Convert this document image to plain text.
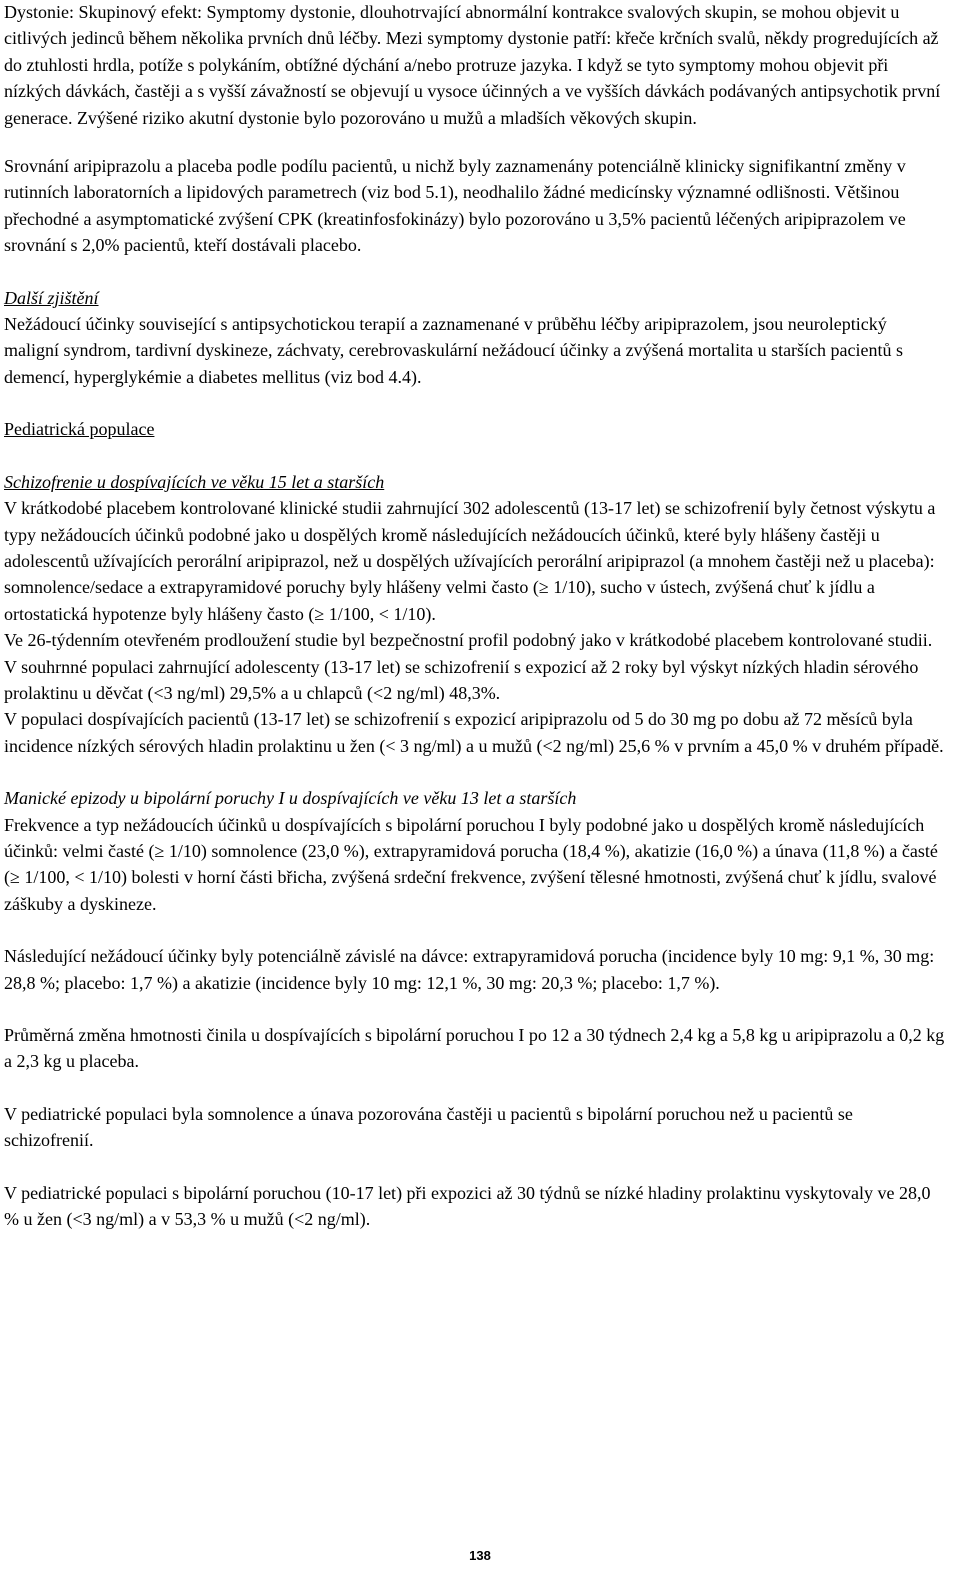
Dystonie: Skupinový efekt: Symptomy dystonie, dlouhotrvající abnormální kontrakce svalových skupin, se mohou objevit u citlivých jedinců během několika prvních dnů léčby. Mezi symptomy dystonie patří: křeče krčních svalů, někdy progredujících až do ztuhlosti hrdla, potíže s polykáním, obtížné dýchání a/nebo protruze jazyka. I když se tyto symptomy mohou objevit při nízkých dávkách, častěji a s vyšší závažností se objevují u vysoce účinných a ve vyšších dávkách podávaných antipsychotik první generace. Zvýšené riziko akutní dystonie bylo pozorováno u mužů a mladších věkových skupin.

Srovnání aripiprazolu a placeba podle podílu pacientů, u nichž byly zaznamenány potenciálně klinicky signifikantní změny v rutinních laboratorních a lipidových parametrech (viz bod 5.1), neodhalilo žádné medicínsky významné odlišnosti. Většinou přechodné a asymptomatické zvýšení CPK (kreatinfosfokinázy) bylo pozorováno u 3,5% pacientů léčených aripiprazolem ve srovnání s 2,0% pacientů, kteří dostávali placebo.

Další zjištění

Nežádoucí účinky související s antipsychotickou terapií a zaznamenané v průběhu léčby aripiprazolem, jsou neuroleptický maligní syndrom, tardivní dyskineze, záchvaty, cerebrovaskulární nežádoucí účinky a zvýšená mortalita u starších pacientů s demencí, hyperglykémie a diabetes mellitus (viz bod 4.4).

Pediatrická populace

Schizofrenie u dospívajících ve věku 15 let a starších

V krátkodobé placebem kontrolované klinické studii zahrnující 302 adolescentů (13-17 let) se schizofrenií byly četnost výskytu a typy nežádoucích účinků podobné jako u dospělých kromě následujících nežádoucích účinků, které byly hlášeny častěji u adolescentů užívajících perorální aripiprazol, než u dospělých užívajících perorální aripiprazol (a mnohem častěji než u placeba): somnolence/sedace a extrapyramidové poruchy byly hlášeny velmi často (≥ 1/10), sucho v ústech, zvýšená chuť k jídlu a ortostatická hypotenze byly hlášeny často (≥ 1/100, < 1/10).

Ve 26-týdenním otevřeném prodloužení studie byl bezpečnostní profil podobný jako v krátkodobé placebem kontrolované studii.

V souhrnné populaci zahrnující adolescenty (13-17 let) se schizofrenií s expozicí až 2 roky byl výskyt nízkých hladin sérového prolaktinu u děvčat (<3 ng/ml) 29,5% a u chlapců (<2 ng/ml) 48,3%.

V populaci dospívajících pacientů (13-17 let) se schizofrenií s expozicí aripiprazolu od 5 do 30 mg po dobu až 72 měsíců byla incidence nízkých sérových hladin prolaktinu u žen (< 3 ng/ml) a u mužů (<2 ng/ml) 25,6 % v prvním a 45,0 % v druhém případě.

Manické epizody u bipolární poruchy I u dospívajících ve věku 13 let a starších

Frekvence a typ nežádoucích účinků u dospívajících s bipolární poruchou I byly podobné jako u dospělých kromě následujících účinků: velmi časté (≥ 1/10) somnolence (23,0 %), extrapyramidová porucha (18,4 %), akatizie (16,0 %) a únava (11,8 %) a časté (≥ 1/100, < 1/10) bolesti v horní části břicha, zvýšená srdeční frekvence, zvýšení tělesné hmotnosti, zvýšená chuť k jídlu, svalové záškuby a dyskineze.

Následující nežádoucí účinky byly potenciálně závislé na dávce: extrapyramidová porucha (incidence byly 10 mg: 9,1 %, 30 mg: 28,8 %; placebo: 1,7 %) a akatizie (incidence byly 10 mg: 12,1 %, 30 mg: 20,3 %; placebo: 1,7 %).

Průměrná změna hmotnosti činila u dospívajících s bipolární poruchou I po 12 a 30 týdnech 2,4 kg a 5,8 kg u aripiprazolu a 0,2 kg a 2,3 kg u placeba.

V pediatrické populaci byla somnolence a únava pozorována častěji u pacientů s bipolární poruchou než u pacientů se schizofrenií.

V pediatrické populaci s bipolární poruchou (10-17 let) při expozici až 30 týdnů se nízké hladiny prolaktinu vyskytovaly ve 28,0 % u žen (<3 ng/ml) a v 53,3 % u mužů (<2 ng/ml).

138
